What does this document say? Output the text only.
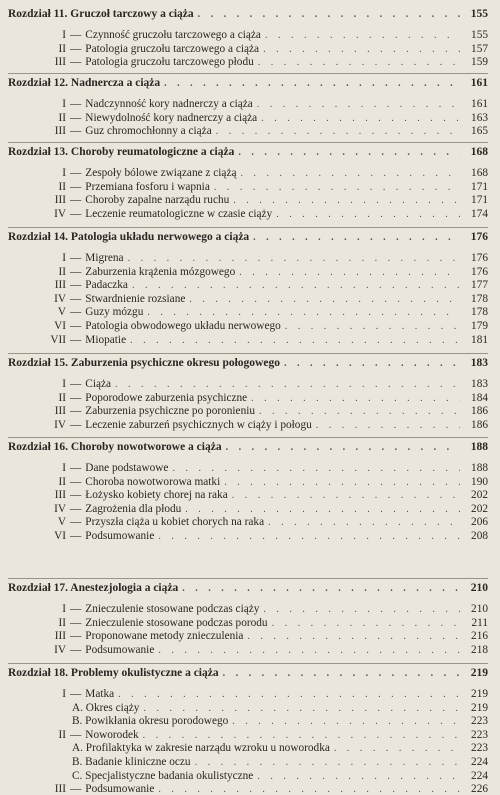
Rozdział 11. Gruczoł tarczowy a ciąża . . .	155
I — Czynność gruczołu tarczowego a ciąża . . .	155
II — Patologia gruczołu tarczowego a ciąża . . .	157
III — Patologia gruczołu tarczowego płodu . . .	159
Rozdział 12. Nadnercza a ciąża . . .	161
I — Nadczynność kory nadnerczy a ciąża . . .	161
II — Niewydolność kory nadnerczy a ciąża . . .	163
III — Guz chromochłonny a ciąża . . .	165
Rozdział 13. Choroby reumatologiczne a ciąża . . .	168
I — Zespoły bólowe związane z ciążą . . .	168
II — Przemiana fosforu i wapnia . . .	171
III — Choroby zapalne narządu ruchu . . .	171
IV — Leczenie reumatologiczne w czasie ciąży . . .	174
Rozdział 14. Patologia układu nerwowego a ciąża . . .	176
I — Migrena . . .	176
II — Zaburzenia krążenia mózgowego . . .	176
III — Padaczka . . .	177
IV — Stwardnienie rozsiane . . .	178
V — Guzy mózgu . . .	178
VI — Patologia obwodowego układu nerwowego . . .	179
VII — Miopatie . . .	181
Rozdział 15. Zaburzenia psychiczne okresu połogowego . . .	183
I — Ciąża . . .	183
II — Poporodowe zaburzenia psychiczne . . .	184
III — Zaburzenia psychiczne po poronieniu . . .	186
IV — Leczenie zaburzeń psychicznych w ciąży i połogu . . .	186
Rozdział 16. Choroby nowotworowe a ciąża . . .	188
I — Dane podstawowe . . .	188
II — Choroba nowotworowa matki . . .	190
III — Łożysko kobiety chorej na raka . . .	202
IV — Zagrożenia dla płodu . . .	202
V — Przyszła ciąża u kobiet chorych na raka . . .	206
VI — Podsumowanie . . .	208
Rozdział 17. Anestezjologia a ciąża . . .	210
I — Znieczulenie stosowane podczas ciąży . . .	210
II — Znieczulenie stosowane podczas porodu . . .	211
III — Proponowane metody znieczulenia . . .	216
IV — Podsumowanie . . .	218
Rozdział 18. Problemy okulistyczne a ciąża . . .	219
I — Matka . . .	219
A. Okres ciąży . . .	219
B. Powikłania okresu porodowego . . .	223
II — Noworodek . . .	223
A. Profilaktyka w zakresie narządu wzroku u noworodka . . .	223
B. Badanie kliniczne oczu . . .	224
C. Specjalistyczne badania okulistyczne . . .	224
III — Podsumowanie . . .	226
